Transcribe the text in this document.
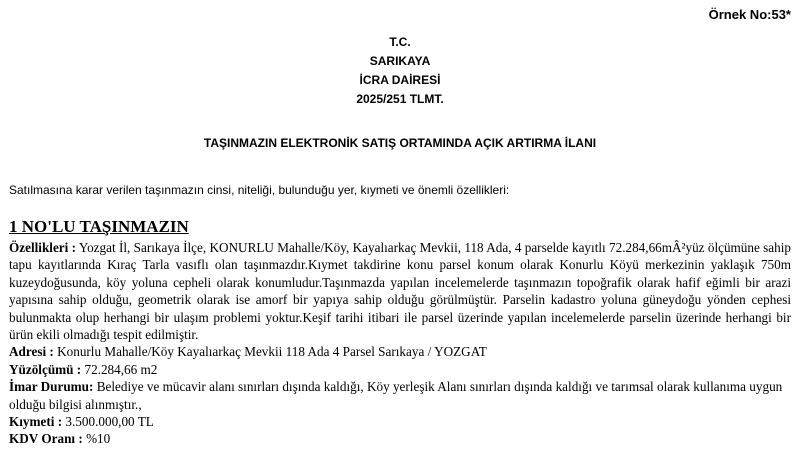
Örnek No:53*
T.C.
SARIKAYA
İCRA DAİRESİ
2025/251 TLMT.
TAŞINMAZIN ELEKTRONİK SATIŞ ORTAMINDA AÇIK ARTIRMA İLANI
Satılmasına karar verilen taşınmazın cinsi, niteliği, bulunduğu yer, kıymeti ve önemli özellikleri:
1 NO'LU TAŞINMAZIN

Özellikleri : Yozgat İl, Sarıkaya İlçe, KONURLU Mahalle/Köy, Kayalıarkaç Mevkii, 118 Ada, 4 parselde kayıtlı 72.284,66mÂ²yüz ölçümüne sahip tapu kayıtlarında Kıraç Tarla vasıflı olan taşınmazdır.Kıymet takdirine konu parsel konum olarak Konurlu Köyü merkezinin yaklaşık 750m kuzeydoğusunda, köy yoluna cepheli olarak konumludur.Taşınmazda yapılan incelemelerde taşınmazın topoğrafik olarak hafif eğimli bir arazi yapısına sahip olduğu, geometrik olarak ise amorf bir yapıya sahip olduğu görülmüştür. Parselin kadastro yoluna güneydoğu yönden cephesi bulunmakta olup herhangi bir ulaşım problemi yoktur.Keşif tarihi itibari ile parsel üzerinde yapılan incelemelerde parselin üzerinde herhangi bir ürün ekili olmadığı tespit edilmiştir.

Adresi : Konurlu Mahalle/Köy Kayalıarkaç Mevkii 118 Ada 4 Parsel Sarıkaya / YOZGAT

Yüzölçümü : 72.284,66 m2

İmar Durumu: Belediye ve mücavir alanı sınırları dışında kaldığı, Köy yerleşik Alanı sınırları dışında kaldığı ve tarımsal olarak kullanıma uygun olduğu bilgisi alınmıştır.,

Kıymeti : 3.500.000,00 TL

KDV Oranı : %10
